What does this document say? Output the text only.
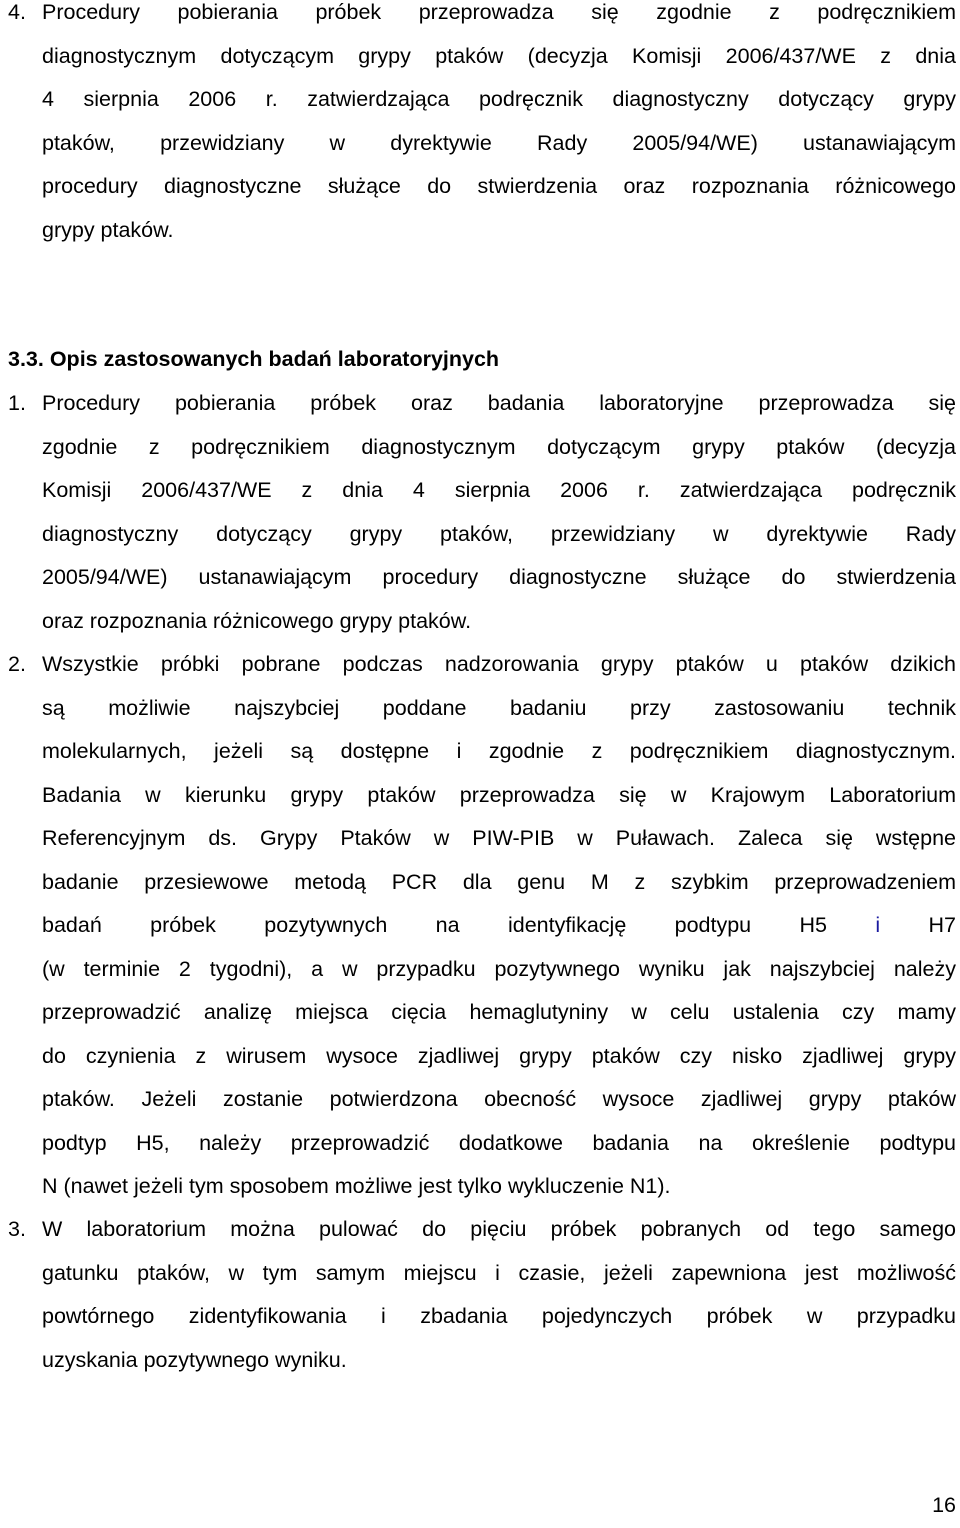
4. Procedury pobierania próbek przeprowadza się zgodnie z podręcznikiem
diagnostycznym dotyczącym grypy ptaków (decyzja Komisji 2006/437/WE z dnia
4 sierpnia 2006 r. zatwierdzająca podręcznik diagnostyczny dotyczący grypy
ptaków, przewidziany w dyrektywie Rady 2005/94/WE) ustanawiającym
procedury diagnostyczne służące do stwierdzenia oraz rozpoznania różnicowego
grypy ptaków.
3.3. Opis zastosowanych badań laboratoryjnych
1. Procedury pobierania próbek oraz badania laboratoryjne przeprowadza się
zgodnie z podręcznikiem diagnostycznym dotyczącym grypy ptaków (decyzja
Komisji 2006/437/WE z dnia 4 sierpnia 2006 r. zatwierdzająca podręcznik
diagnostyczny dotyczący grypy ptaków, przewidziany w dyrektywie Rady
2005/94/WE) ustanawiającym procedury diagnostyczne służące do stwierdzenia
oraz rozpoznania różnicowego grypy ptaków.
2. Wszystkie próbki pobrane podczas nadzorowania grypy ptaków u ptaków dzikich
są możliwie najszybciej poddane badaniu przy zastosowaniu technik
molekularnych, jeżeli są dostępne i zgodnie z podręcznikiem diagnostycznym.
Badania w kierunku grypy ptaków przeprowadza się w Krajowym Laboratorium
Referencyjnym ds. Grypy Ptaków w PIW-PIB w Puławach. Zaleca się wstępne
badanie przesiewowe metodą PCR dla genu M z szybkim przeprowadzeniem
badań próbek pozytywnych na identyfikację podtypu H5 i H7
(w terminie 2 tygodni), a w przypadku pozytywnego wyniku jak najszybciej należy
przeprowadzić analizę miejsca cięcia hemaglutyniny w celu ustalenia czy mamy
do czynienia z wirusem wysoce zjadliwej grypy ptaków czy nisko zjadliwej grypy
ptaków. Jeżeli zostanie potwierdzona obecność wysoce zjadliwej grypy ptaków
podtyp H5, należy przeprowadzić dodatkowe badania na określenie podtypu
N (nawet jeżeli tym sposobem możliwe jest tylko wykluczenie N1).
3. W laboratorium można pulować do pięciu próbek pobranych od tego samego
gatunku ptaków, w tym samym miejscu i czasie, jeżeli zapewniona jest możliwość
powtórnego zidentyfikowania i zbadania pojedynczych próbek w przypadku
uzyskania pozytywnego wyniku.
16
